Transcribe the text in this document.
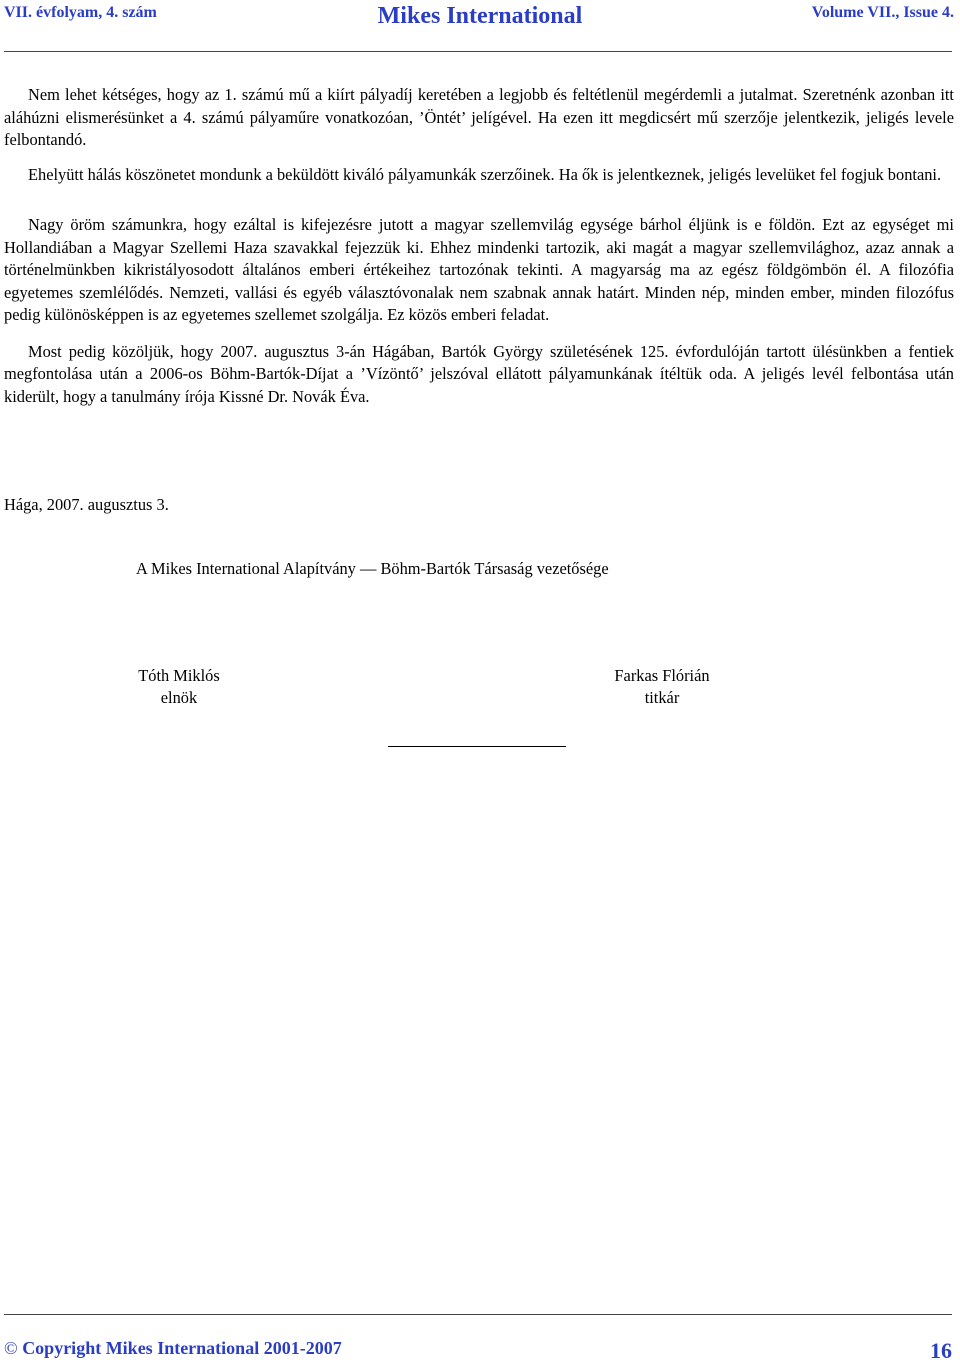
VII. évfolyam, 4. szám	Mikes International	Volume VII., Issue 4.

Nem lehet kétséges, hogy az 1. számú mű a kiírt pályadíj keretében a legjobb és feltétlenül megérdemli a jutalmat. Szeretnénk azonban itt aláhúzni elismerésünket a 4. számú pályaműre vonatkozóan, ’Öntét’ jelígével. Ha ezen itt megdicsért mű szerzője jelentkezik, jeligés levele felbontandó.

Ehelyütt hálás köszönetet mondunk a beküldött kiváló pályamunkák szerzőinek. Ha ők is jelentkeznek, jeligés levelüket fel fogjuk bontani.

Nagy öröm számunkra, hogy ezáltal is kifejezésre jutott a magyar szellemvilág egysége bárhol éljünk is e földön. Ezt az egységet mi Hollandiában a Magyar Szellemi Haza szavakkal fejezzük ki. Ehhez mindenki tartozik, aki magát a magyar szellemvilághoz, azaz annak a történelmünkben kikristályosodott általános emberi értékeihez tartozónak tekinti. A magyarság ma az egész földgömbön él. A filozófia egyetemes szemlélődés. Nemzeti, vallási és egyéb választóvonalak nem szabnak annak határt. Minden nép, minden ember, minden filozófus pedig különösképpen is az egyetemes szellemet szolgálja. Ez közös emberi feladat.

Most pedig közöljük, hogy 2007. augusztus 3-án Hágában, Bartók György születésének 125. évfordulóján tartott ülésünkben a fentiek megfontolása után a 2006-os Böhm-Bartók-Díjat a ’Vízöntő’ jelszóval ellátott pályamunkának ítéltük oda. A jeligés levél felbontása után kiderült, hogy a tanulmány írója Kissné Dr. Novák Éva.

Hága, 2007. augusztus 3.
A Mikes International Alapítvány — Böhm-Bartók Társaság vezetősége
Tóth Miklós
elnök
Farkas Flórián
titkár
© Copyright Mikes International 2001-2007	16
